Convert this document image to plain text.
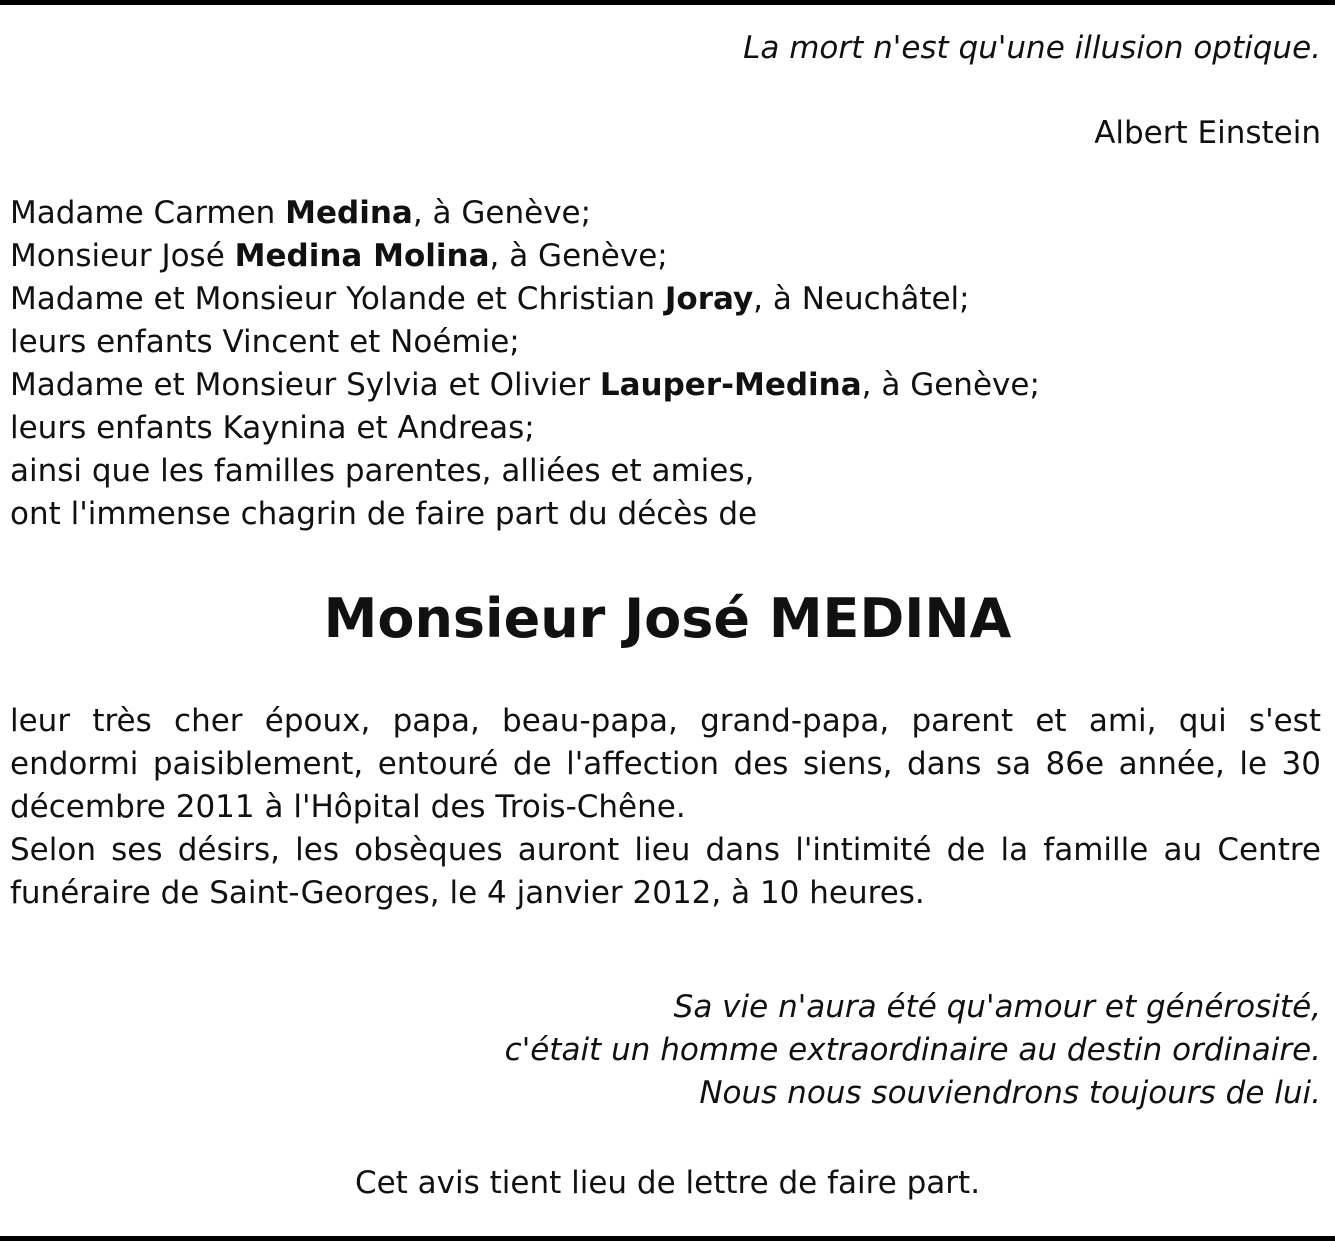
La mort n'est qu'une illusion optique.
Albert Einstein
Madame Carmen Medina, à Genève;
Monsieur José Medina Molina, à Genève;
Madame et Monsieur Yolande et Christian Joray, à Neuchâtel;
leurs enfants Vincent et Noémie;
Madame et Monsieur Sylvia et Olivier Lauper-Medina, à Genève;
leurs enfants Kaynina et Andreas;
ainsi que les familles parentes, alliées et amies,
ont l'immense chagrin de faire part du décès de
Monsieur José MEDINA

leur très cher époux, papa, beau-papa, grand-papa, parent et ami, qui s'est endormi paisiblement, entouré de l'affection des siens, dans sa 86e année, le 30 décembre 2011 à l'Hôpital des Trois-Chêne.

Selon ses désirs, les obsèques auront lieu dans l'intimité de la famille au Centre funéraire de Saint-Georges, le 4 janvier 2012, à 10 heures.

Sa vie n'aura été qu'amour et générosité,
c'était un homme extraordinaire au destin ordinaire.
Nous nous souviendrons toujours de lui.
Cet avis tient lieu de lettre de faire part.
